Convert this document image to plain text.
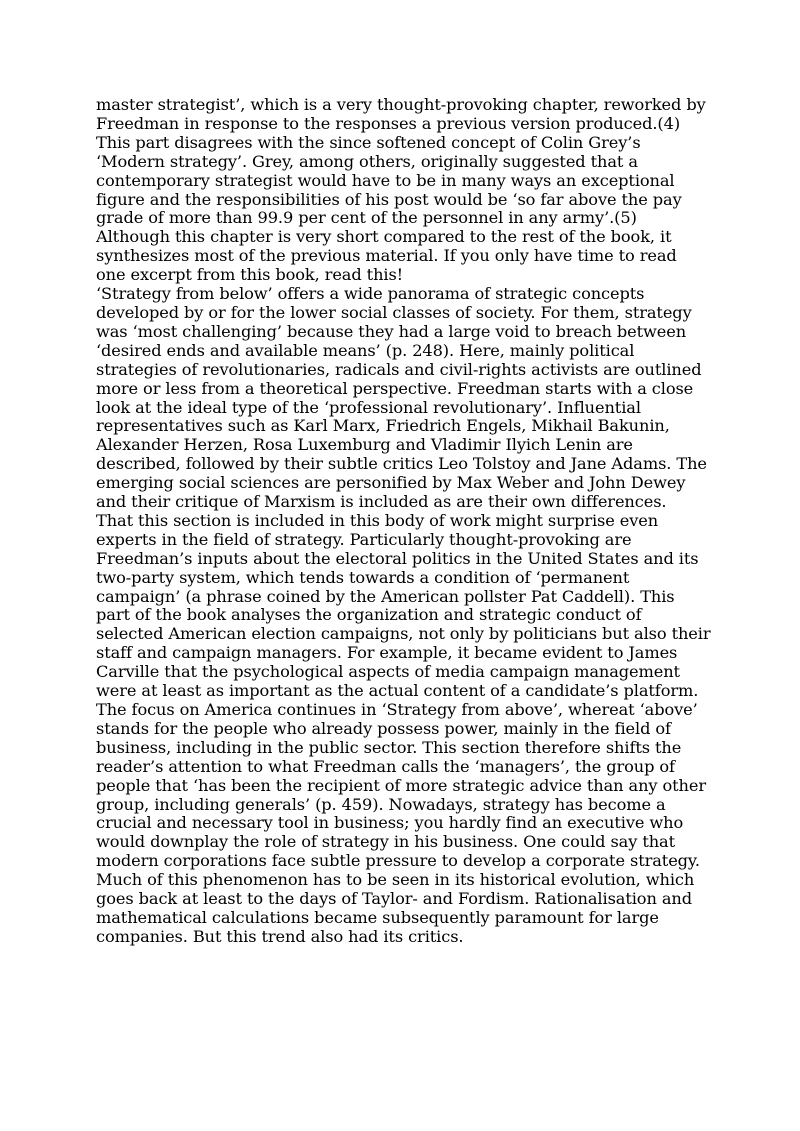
master strategist’, which is a very thought-provoking chapter, reworked by Freedman in response to the responses a previous version produced.(4) This part disagrees with the since softened concept of Colin Grey’s ‘Modern strategy’. Grey, among others, originally suggested that a contemporary strategist would have to be in many ways an exceptional figure and the responsibilities of his post would be ‘so far above the pay grade of more than 99.9 per cent of the personnel in any army’.(5) Although this chapter is very short compared to the rest of the book, it synthesizes most of the previous material. If you only have time to read one excerpt from this book, read this!

‘Strategy from below’ offers a wide panorama of strategic concepts developed by or for the lower social classes of society. For them, strategy was ‘most challenging’ because they had a large void to breach between ‘desired ends and available means’ (p. 248). Here, mainly political strategies of revolutionaries, radicals and civil-rights activists are outlined more or less from a theoretical perspective. Freedman starts with a close look at the ideal type of the ‘professional revolutionary’. Influential representatives such as Karl Marx, Friedrich Engels, Mikhail Bakunin, Alexander Herzen, Rosa Luxemburg and Vladimir Ilyich Lenin are described, followed by their subtle critics Leo Tolstoy and Jane Adams. The emerging social sciences are personified by Max Weber and John Dewey and their critique of Marxism is included as are their own differences.

That this section is included in this body of work might surprise even experts in the field of strategy. Particularly thought-provoking are Freedman’s inputs about the electoral politics in the United States and its two-party system, which tends towards a condition of ‘permanent campaign’ (a phrase coined by the American pollster Pat Caddell). This part of the book analyses the organization and strategic conduct of selected American election campaigns, not only by politicians but also their staff and campaign managers. For example, it became evident to James Carville that the psychological aspects of media campaign management were at least as important as the actual content of a candidate’s platform.

The focus on America continues in ‘Strategy from above’, whereat ‘above’ stands for the people who already possess power, mainly in the field of business, including in the public sector. This section therefore shifts the reader’s attention to what Freedman calls the ‘managers’, the group of people that ‘has been the recipient of more strategic advice than any other group, including generals’ (p. 459). Nowadays, strategy has become a crucial and necessary tool in business; you hardly find an executive who would downplay the role of strategy in his business. One could say that modern corporations face subtle pressure to develop a corporate strategy. Much of this phenomenon has to be seen in its historical evolution, which goes back at least to the days of Taylor- and Fordism. Rationalisation and mathematical calculations became subsequently paramount for large companies. But this trend also had its critics.
